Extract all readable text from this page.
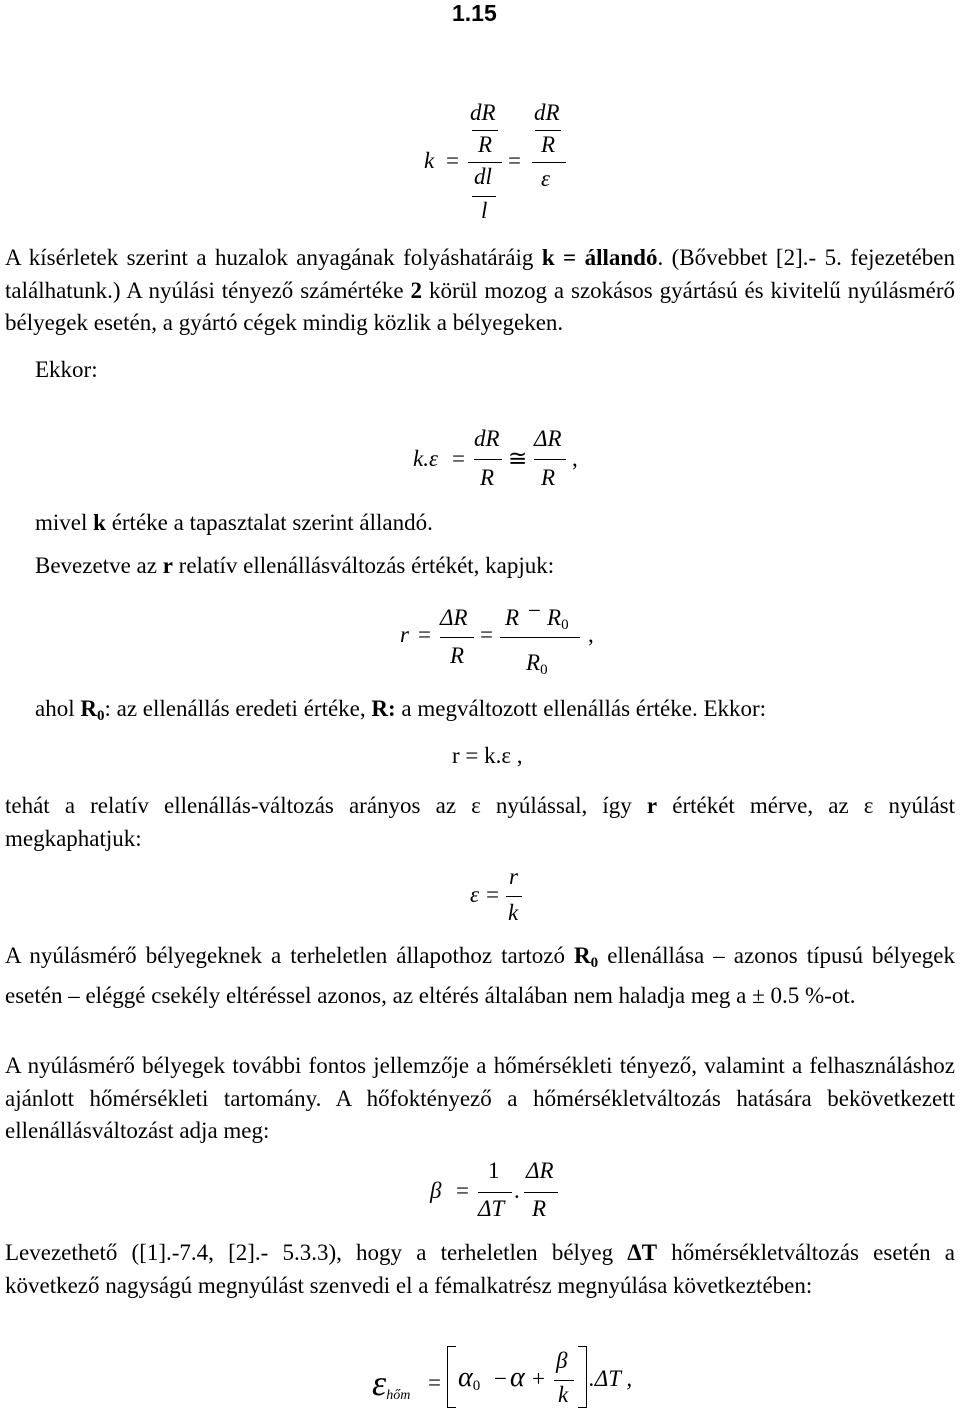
1.15
k =
dR
R
dl
l
=
dR
R
ε

A kísérletek szerint a huzalok anyagának folyáshatáráig k = állandó. (Bővebbet [2].- 5. fejezetében találhatunk.) A nyúlási tényező számértéke 2 körül mozog a szokásos gyártású és kivitelű nyúlásmérő bélyegek esetén, a gyártó cégek mindig közlik a bélyegeken.

Ekkor:
k.ε =
dR
R
≅
ΔR
R
,
mivel k értéke a tapasztalat szerint állandó.
Bevezetve az r relatív ellenállásváltozás értékét, kapjuk:
r =
ΔR
R
=
$R - R_0$
$R_0$
,
ahol $R_0$: az ellenállás eredeti értéke, R: a megváltozott ellenállás értéke. Ekkor:
r = k.ε ,

tehát a relatív ellenállás-változás arányos az ε nyúlással, így r értékét mérve, az ε nyúlást megkaphatjuk:

ε =
r
k

A nyúlásmérő bélyegeknek a terheletlen állapothoz tartozó $R_0$ ellenállása – azonos típusú bélyegek esetén – eléggé csekély eltéréssel azonos, az eltérés általában nem haladja meg a ± 0.5 %-ot.

A nyúlásmérő bélyegek további fontos jellemzője a hőmérsékleti tényező, valamint a felhasználáshoz ajánlott hőmérsékleti tartomány. A hőfoktényező a hőmérsékletváltozás hatására bekövetkezett ellenállásváltozást adja meg:

β =
1
ΔT
.
ΔR
R

Levezethető ([1].-7.4, [2].- 5.3.3), hogy a terheletlen bélyeg ΔT hőmérsékletváltozás esetén a következő nagyságú megnyúlást szenvedi el a fémalkatrész megnyúlása következtében:

$\varepsilon_{hőm}$
= $\alpha_0 - \alpha$ +
β
k
.ΔT ,
